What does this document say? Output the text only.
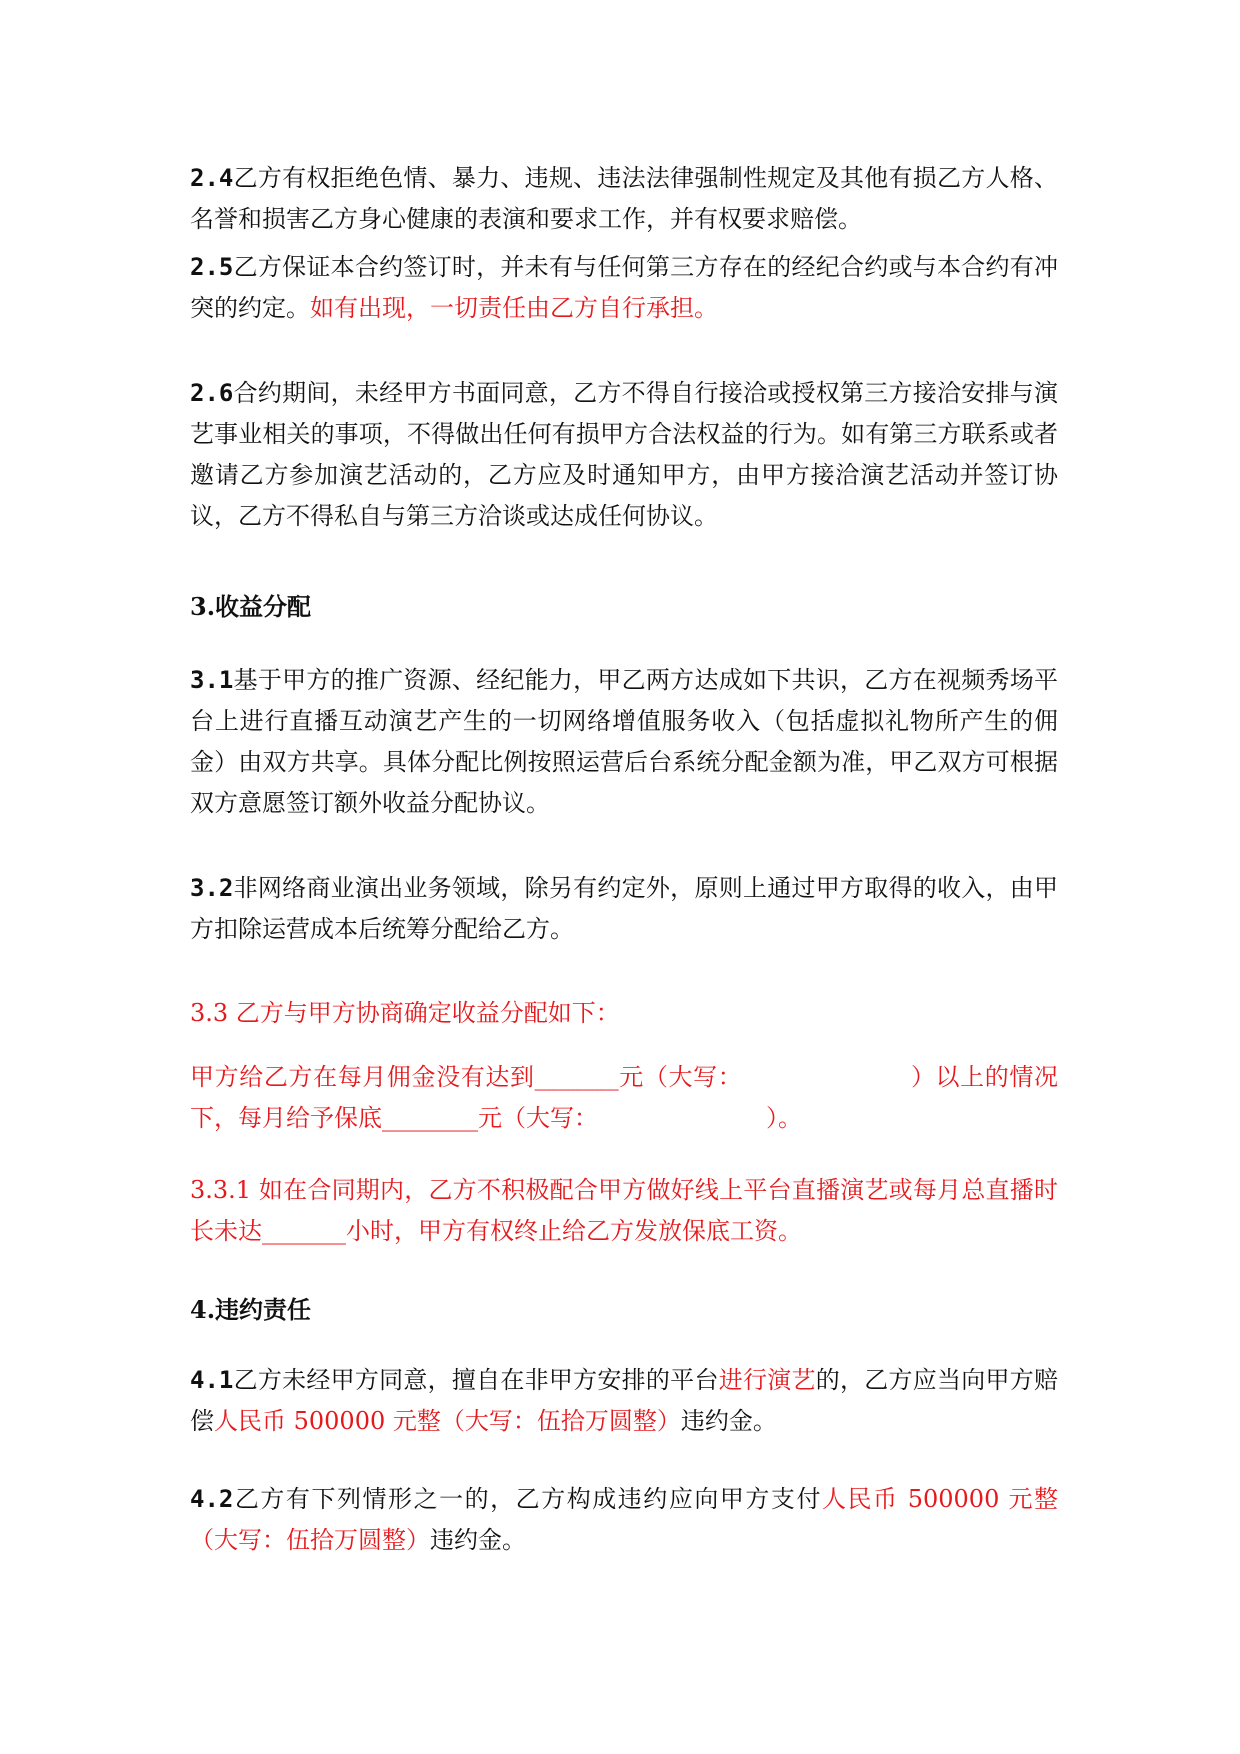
2.4乙方有权拒绝色情、暴力、违规、违法法律强制性规定及其他有损乙方人格、名誉和损害乙方身心健康的表演和要求工作，并有权要求赔偿。

2.5乙方保证本合约签订时，并未有与任何第三方存在的经纪合约或与本合约有冲突的约定。如有出现，一切责任由乙方自行承担。

2.6合约期间，未经甲方书面同意，乙方不得自行接洽或授权第三方接洽安排与演艺事业相关的事项，不得做出任何有损甲方合法权益的行为。如有第三方联系或者邀请乙方参加演艺活动的，乙方应及时通知甲方，由甲方接洽演艺活动并签订协议，乙方不得私自与第三方洽谈或达成任何协议。

3.收益分配

3.1基于甲方的推广资源、经纪能力，甲乙两方达成如下共识，乙方在视频秀场平台上进行直播互动演艺产生的一切网络增值服务收入（包括虚拟礼物所产生的佣金）由双方共享。具体分配比例按照运营后台系统分配金额为准，甲乙双方可根据双方意愿签订额外收益分配协议。

3.2非网络商业演出业务领域，除另有约定外，原则上通过甲方取得的收入，由甲方扣除运营成本后统筹分配给乙方。

3.3 乙方与甲方协商确定收益分配如下：

甲方给乙方在每月佣金没有达到_______元（大写：	）以上的情况下，每月给予保底________元（大写：	）。

3.3.1 如在合同期内，乙方不积极配合甲方做好线上平台直播演艺或每月总直播时长未达_______小时，甲方有权终止给乙方发放保底工资。

4.违约责任

4.1乙方未经甲方同意，擅自在非甲方安排的平台进行演艺的，乙方应当向甲方赔偿人民币 500000 元整（大写：伍拾万圆整）违约金。

4.2乙方有下列情形之一的，乙方构成违约应向甲方支付人民币 500000 元整（大写：伍拾万圆整）违约金。
